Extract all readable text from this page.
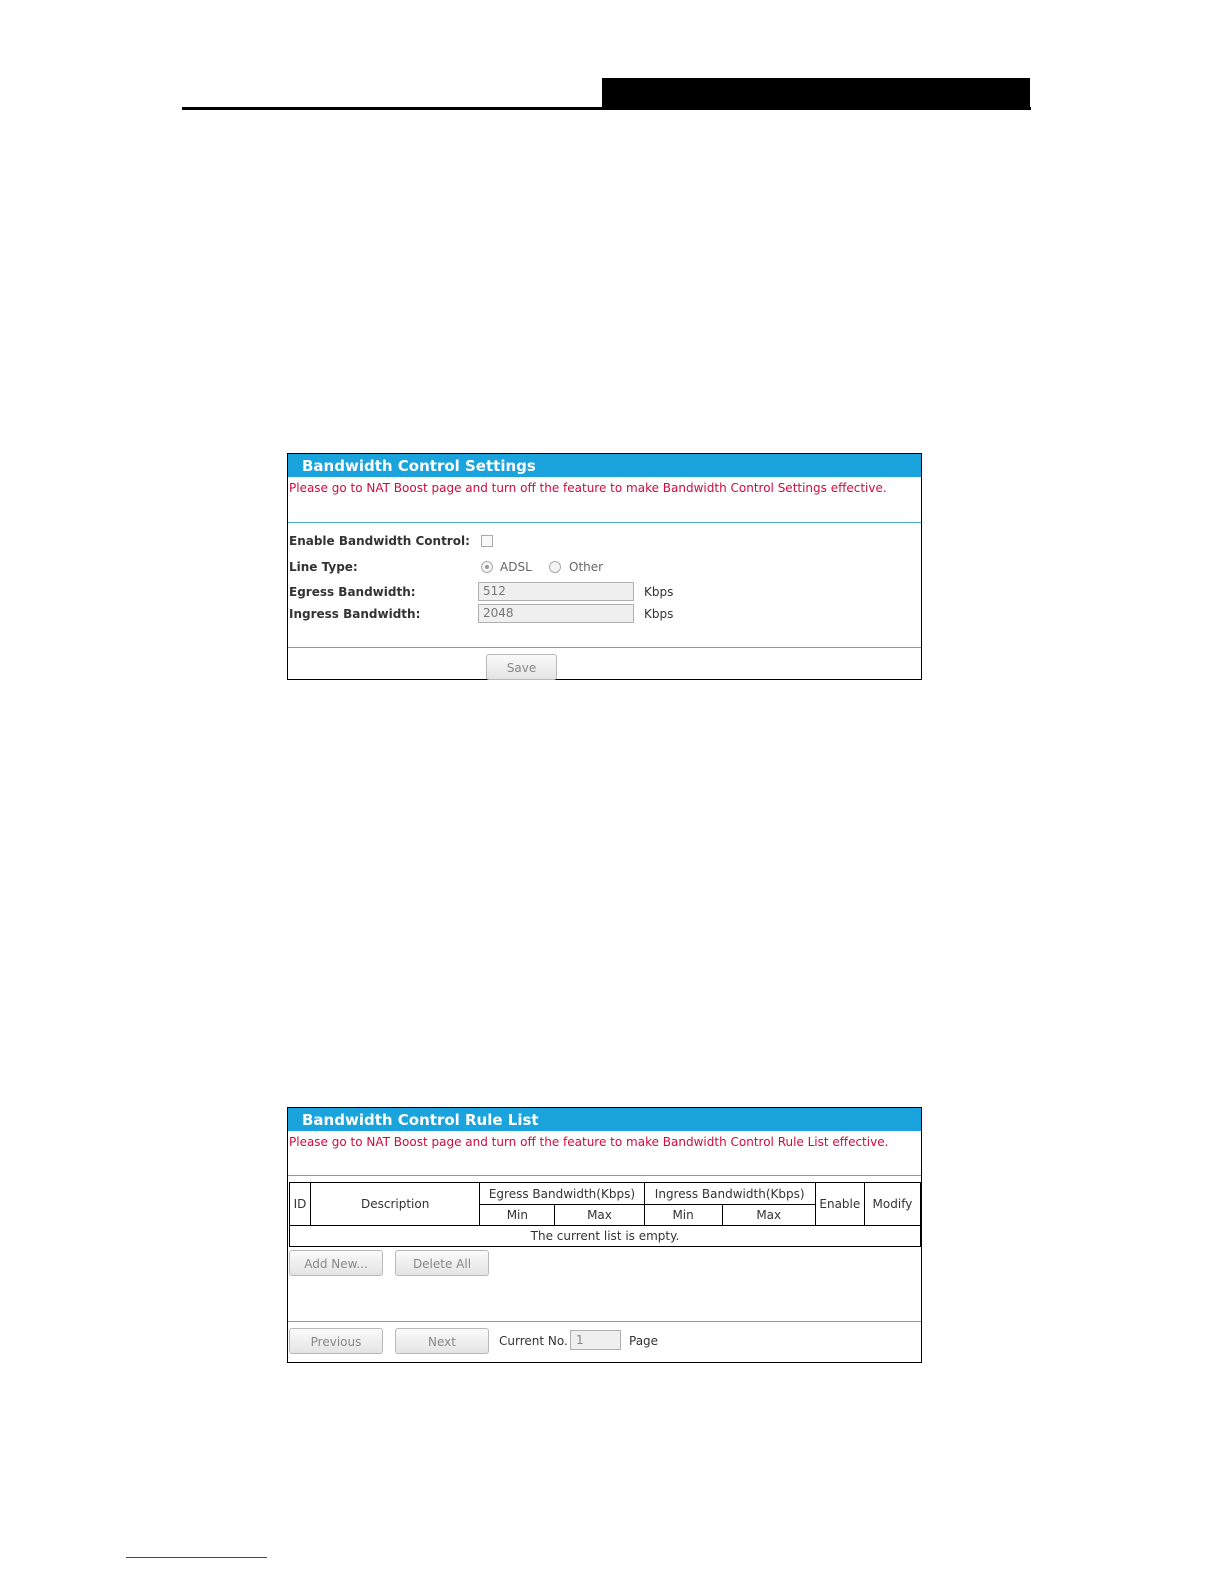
Bandwidth Control Settings
Please go to NAT Boost page and turn off the feature to make Bandwidth Control Settings effective.
Enable Bandwidth Control:
Line Type:	ADSL	Other
Egress Bandwidth:	512	Kbps
Ingress Bandwidth:	2048	Kbps
Save
Bandwidth Control Rule List
Please go to NAT Boost page and turn off the feature to make Bandwidth Control Rule List effective.
ID	Description	Egress Bandwidth(Kbps)		Ingress Bandwidth(Kbps)		Enable	Modify
		Min	Max	Min	Max		
The current list is empty.							
Add New...	Delete All
Previous	Next	Current No. 1	Page
